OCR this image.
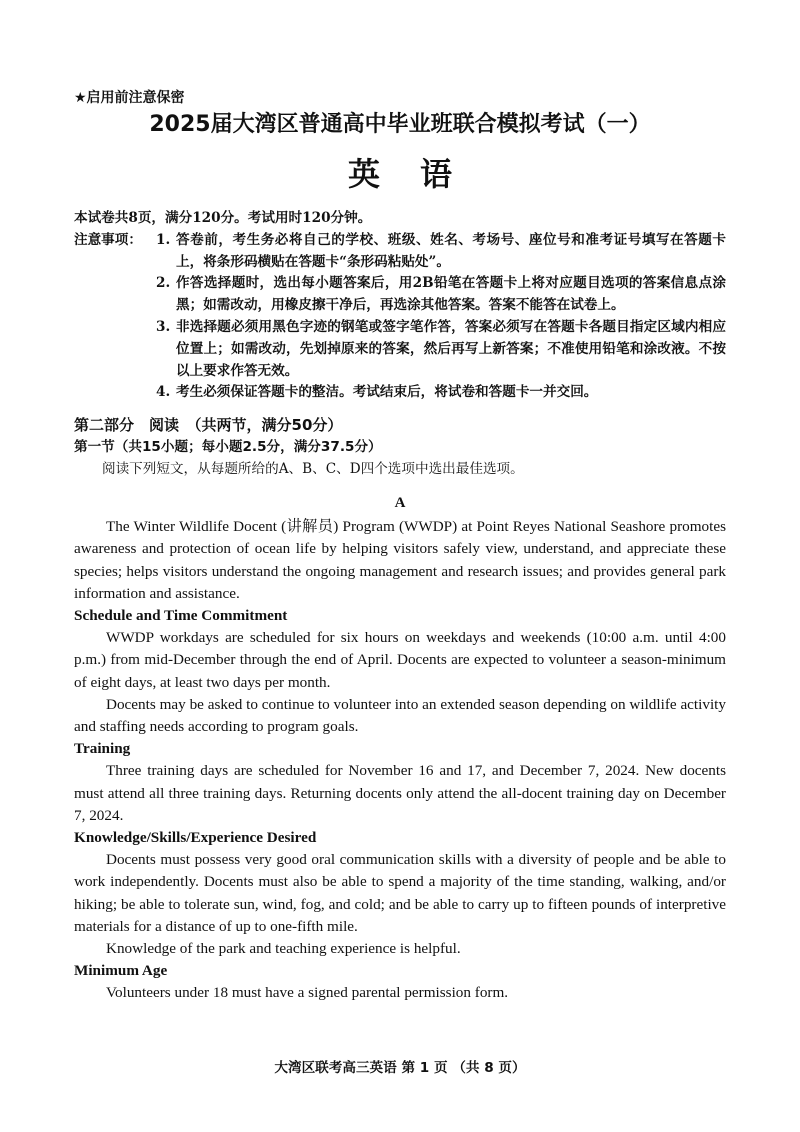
★启用前注意保密

2025届大湾区普通高中毕业班联合模拟考试（一）
英语

本试卷共8页，满分120分。考试用时120分钟。

注意事项：	1. 答卷前，考生务必将自己的学校、班级、姓名、考场号、座位号和准考证号填写在答题卡上，将条形码横贴在答题卡“条形码粘贴处”。
2. 作答选择题时，选出每小题答案后，用2B铅笔在答题卡上将对应题目选项的答案信息点涂黑；如需改动，用橡皮擦干净后，再选涂其他答案。答案不能答在试卷上。
3. 非选择题必须用黑色字迹的钢笔或签字笔作答，答案必须写在答题卡各题目指定区域内相应位置上；如需改动，先划掉原来的答案，然后再写上新答案；不准使用铅笔和涂改液。不按以上要求作答无效。
4. 考生必须保证答题卡的整洁。考试结束后，将试卷和答题卡一并交回。
第二部分　阅读　（共两节，满分50分）

第一节（共15小题；每小题2.5分，满分37.5分）

阅读下列短文，从每题所给的A、B、C、D四个选项中选出最佳选项。

A

The Winter Wildlife Docent (讲解员) Program (WWDP) at Point Reyes National Seashore promotes awareness and protection of ocean life by helping visitors safely view, understand, and appreciate these species; helps visitors understand the ongoing management and research issues; and provides general park information and assistance.

Schedule and Time Commitment

WWDP workdays are scheduled for six hours on weekdays and weekends (10:00 a.m. until 4:00 p.m.) from mid-December through the end of April. Docents are expected to volunteer a season-minimum of eight days, at least two days per month.

Docents may be asked to continue to volunteer into an extended season depending on wildlife activity and staffing needs according to program goals.

Training

Three training days are scheduled for November 16 and 17, and December 7, 2024. New docents must attend all three training days. Returning docents only attend the all-docent training day on December 7, 2024.

Knowledge/Skills/Experience Desired

Docents must possess very good oral communication skills with a diversity of people and be able to work independently. Docents must also be able to spend a majority of the time standing, walking, and/or hiking; be able to tolerate sun, wind, fog, and cold; and be able to carry up to fifteen pounds of interpretive materials for a distance of up to one-fifth mile.

Knowledge of the park and teaching experience is helpful.

Minimum Age

Volunteers under 18 must have a signed parental permission form.

大湾区联考高三英语 第 1 页 （共 8 页）
